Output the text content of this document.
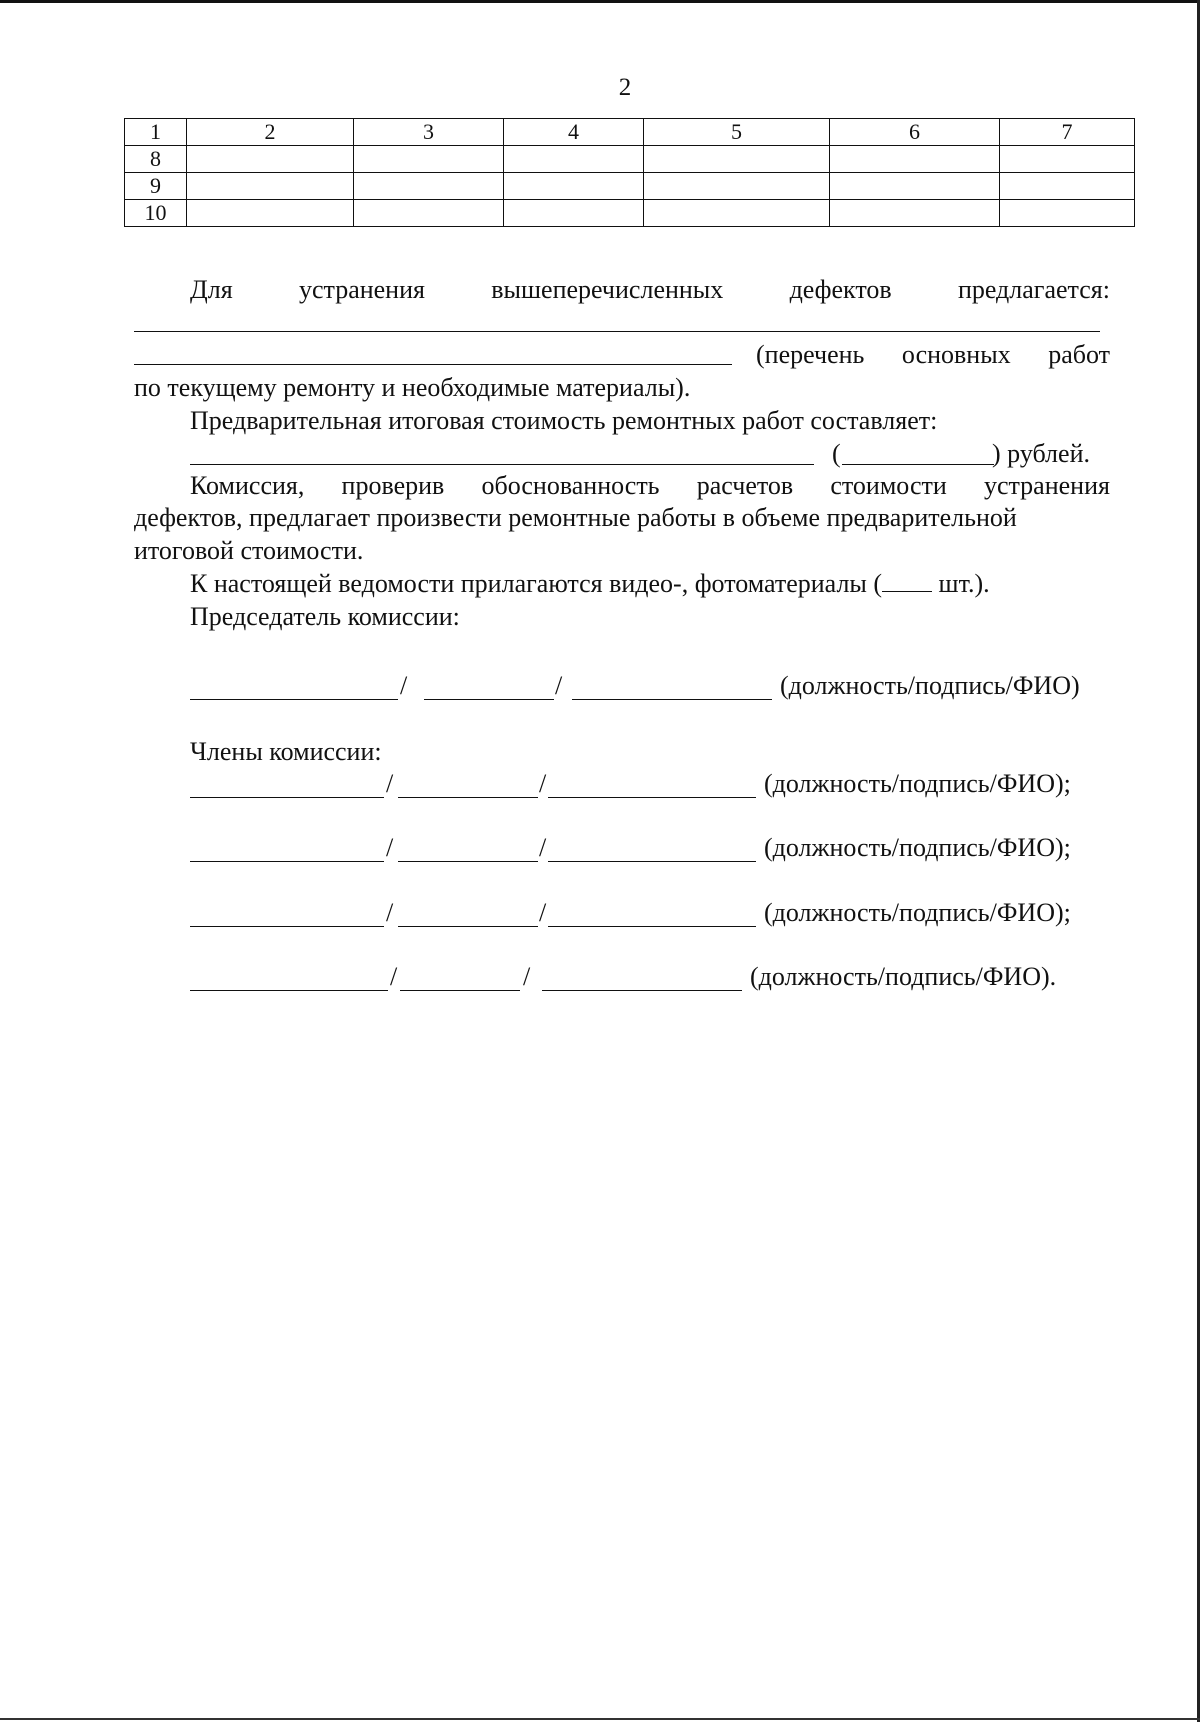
2
1	2	3	4	5	6	7
8						
9						
10						
Для	устранения	вышеперечисленных	дефектов	предлагается:
(перечень основных работ
по текущему ремонту и необходимые материалы).
Предварительная итоговая стоимость ремонтных работ составляет:
(	) рублей.
Комиссия, проверив обоснованность расчетов стоимости устранения
дефектов, предлагает произвести ремонтные работы в объеме предварительной
итоговой стоимости.
К настоящей ведомости прилагаются видео-, фотоматериалы ( шт.).
Председатель комиссии:
/	/	(должность/подпись/ФИО)
Члены комиссии:
/	/	(должность/подпись/ФИО);
/	/	(должность/подпись/ФИО);
/	/	(должность/подпись/ФИО);
/	/	(должность/подпись/ФИО).
